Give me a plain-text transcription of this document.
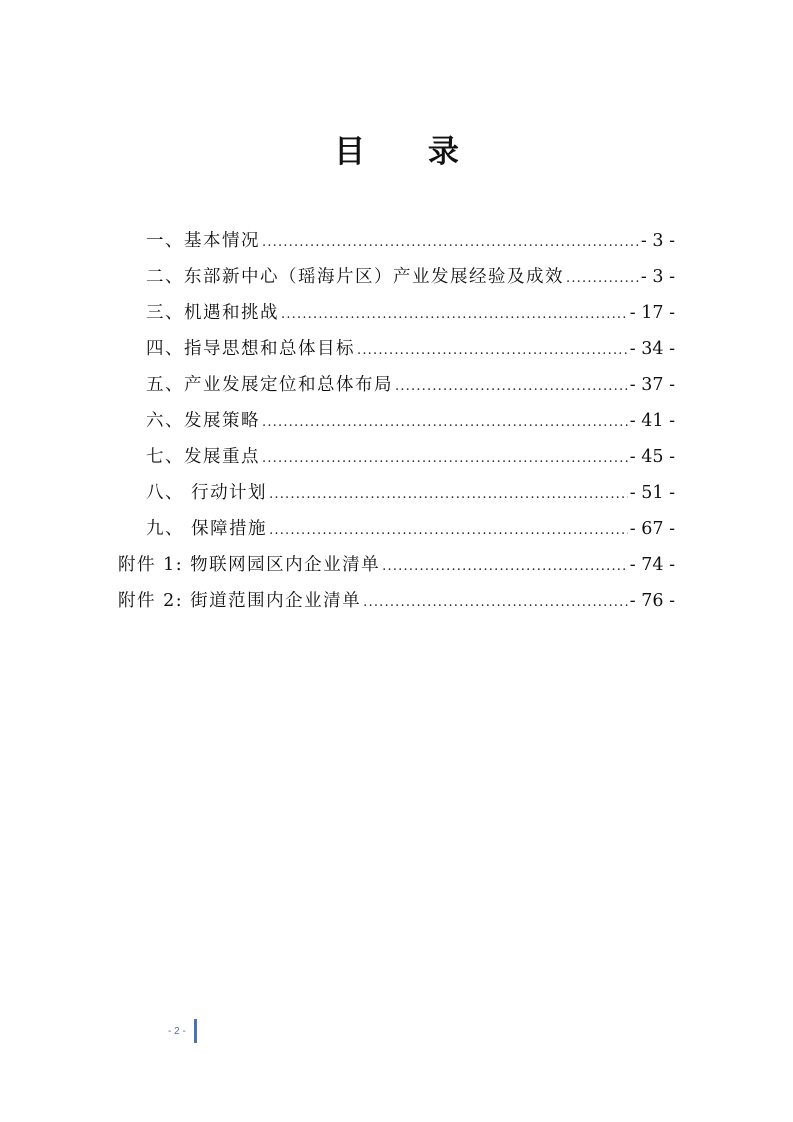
目 录
一、基本情况 .....	- 3 -
二、东部新中心（瑶海片区）产业发展经验及成效 .....	- 3 -
三、机遇和挑战 .....	- 17 -
四、指导思想和总体目标 .....	- 34 -
五、产业发展定位和总体布局 .....	- 37 -
六、发展策略 .....	- 41 -
七、发展重点 .....	- 45 -
八、 行动计划 .....	- 51 -
九、 保障措施 .....	- 67 -
附件 1: 物联网园区内企业清单 .....	- 74 -
附件 2: 街道范围内企业清单 .....	- 76 -
- 2 -
